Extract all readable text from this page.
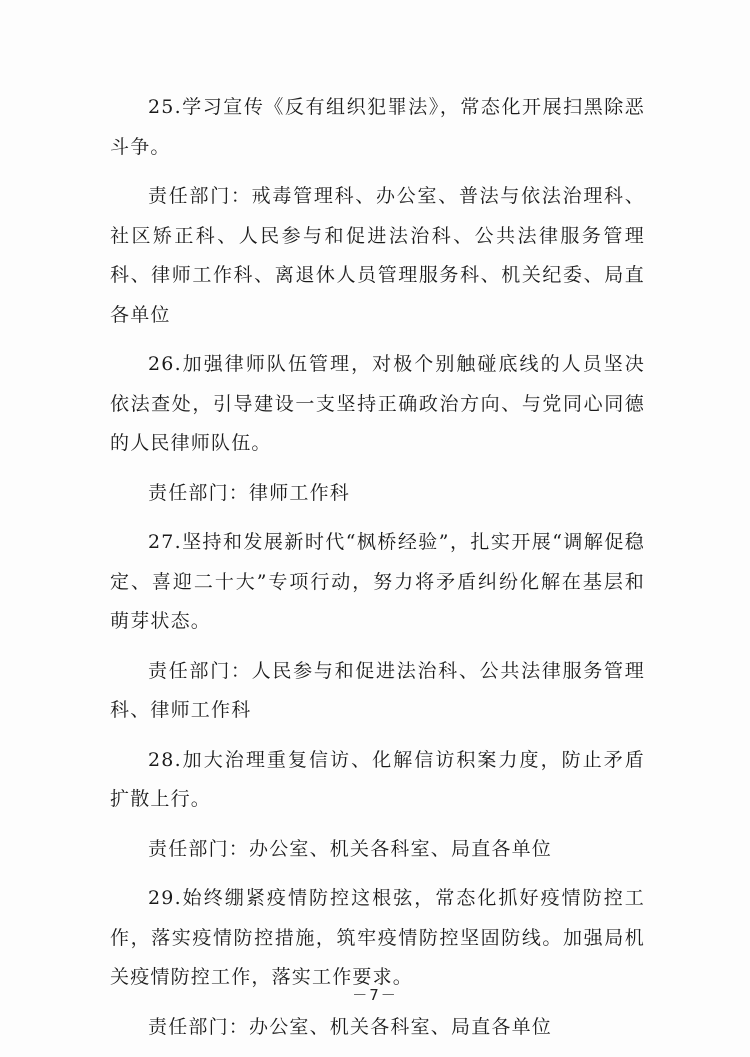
25.学习宣传《反有组织犯罪法》，常态化开展扫黑除恶斗争。

责任部门：戒毒管理科、办公室、普法与依法治理科、社区矫正科、人民参与和促进法治科、公共法律服务管理科、律师工作科、离退休人员管理服务科、机关纪委、局直各单位

26.加强律师队伍管理，对极个别触碰底线的人员坚决依法查处，引导建设一支坚持正确政治方向、与党同心同德的人民律师队伍。

责任部门：律师工作科

27.坚持和发展新时代“枫桥经验”，扎实开展“调解促稳定、喜迎二十大”专项行动，努力将矛盾纠纷化解在基层和萌芽状态。

责任部门：人民参与和促进法治科、公共法律服务管理科、律师工作科

28.加大治理重复信访、化解信访积案力度，防止矛盾扩散上行。

责任部门：办公室、机关各科室、局直各单位

29.始终绷紧疫情防控这根弦，常态化抓好疫情防控工作，落实疫情防控措施，筑牢疫情防控坚固防线。加强局机关疫情防控工作，落实工作要求。

责任部门：办公室、机关各科室、局直各单位

－7－
